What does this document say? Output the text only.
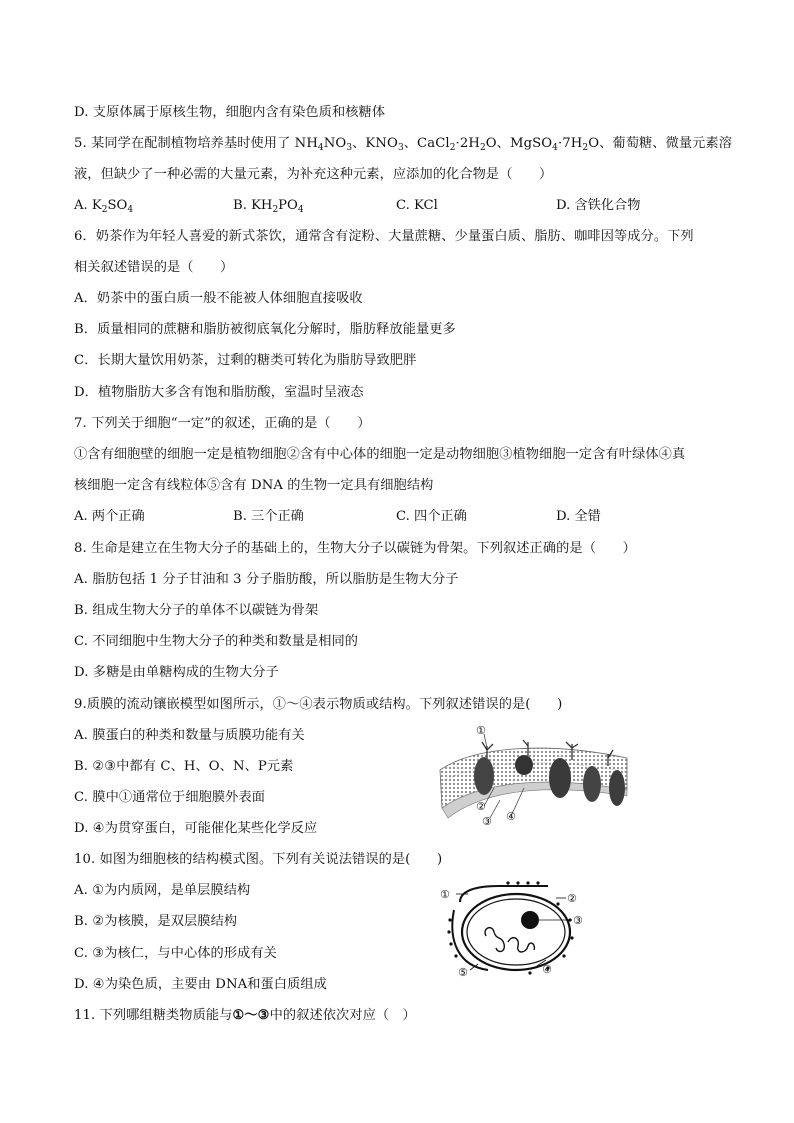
D. 支原体属于原核生物，细胞内含有染色质和核糖体
5. 某同学在配制植物培养基时使用了 $NH_4NO_3$、$KNO_3$、$CaCl_2\cdot 2H_2O$、$MgSO_4\cdot 7H_2O$、葡萄糖、微量元素溶
液，但缺少了一种必需的大量元素，为补充这种元素，应添加的化合物是（　　）
A. $K_2SO_4$	B. $KH_2PO_4$	C. KCl	D. 含铁化合物
6．奶茶作为年轻人喜爱的新式茶饮，通常含有淀粉、大量蔗糖、少量蛋白质、脂肪、咖啡因等成分。下列
相关叙述错误的是（　　）
A．奶茶中的蛋白质一般不能被人体细胞直接吸收
B．质量相同的蔗糖和脂肪被彻底氧化分解时，脂肪释放能量更多
C．长期大量饮用奶茶，过剩的糖类可转化为脂肪导致肥胖
D．植物脂肪大多含有饱和脂肪酸，室温时呈液态
7. 下列关于细胞“一定”的叙述，正确的是（　　）
①含有细胞壁的细胞一定是植物细胞②含有中心体的细胞一定是动物细胞③植物细胞一定含有叶绿体④真
核细胞一定含有线粒体⑤含有 DNA 的生物一定具有细胞结构
A. 两个正确	B. 三个正确	C. 四个正确	D. 全错
8. 生命是建立在生物大分子的基础上的，生物大分子以碳链为骨架。下列叙述正确的是（　　）
A. 脂肪包括 1 分子甘油和 3 分子脂肪酸，所以脂肪是生物大分子
B. 组成生物大分子的单体不以碳链为骨架
C. 不同细胞中生物大分子的种类和数量是相同的
D. 多糖是由单糖构成的生物大分子
9.质膜的流动镶嵌模型如图所示，①～④表示物质或结构。下列叙述错误的是(　　)
A. 膜蛋白的种类和数量与质膜功能有关
B. ②③中都有 C、H、O、N、P元素
C. 膜中①通常位于细胞膜外表面
D. ④为贯穿蛋白，可能催化某些化学反应
①
②
③ ④
10. 如图为细胞核的结构模式图。下列有关说法错误的是(　　)
A. ①为内质网，是单层膜结构
B. ②为核膜，是双层膜结构
C. ③为核仁，与中心体的形成有关
D. ④为染色质，主要由 DNA和蛋白质组成
①	②
③
④
⑤
11. 下列哪组糖类物质能与①～③中的叙述依次对应（　）
